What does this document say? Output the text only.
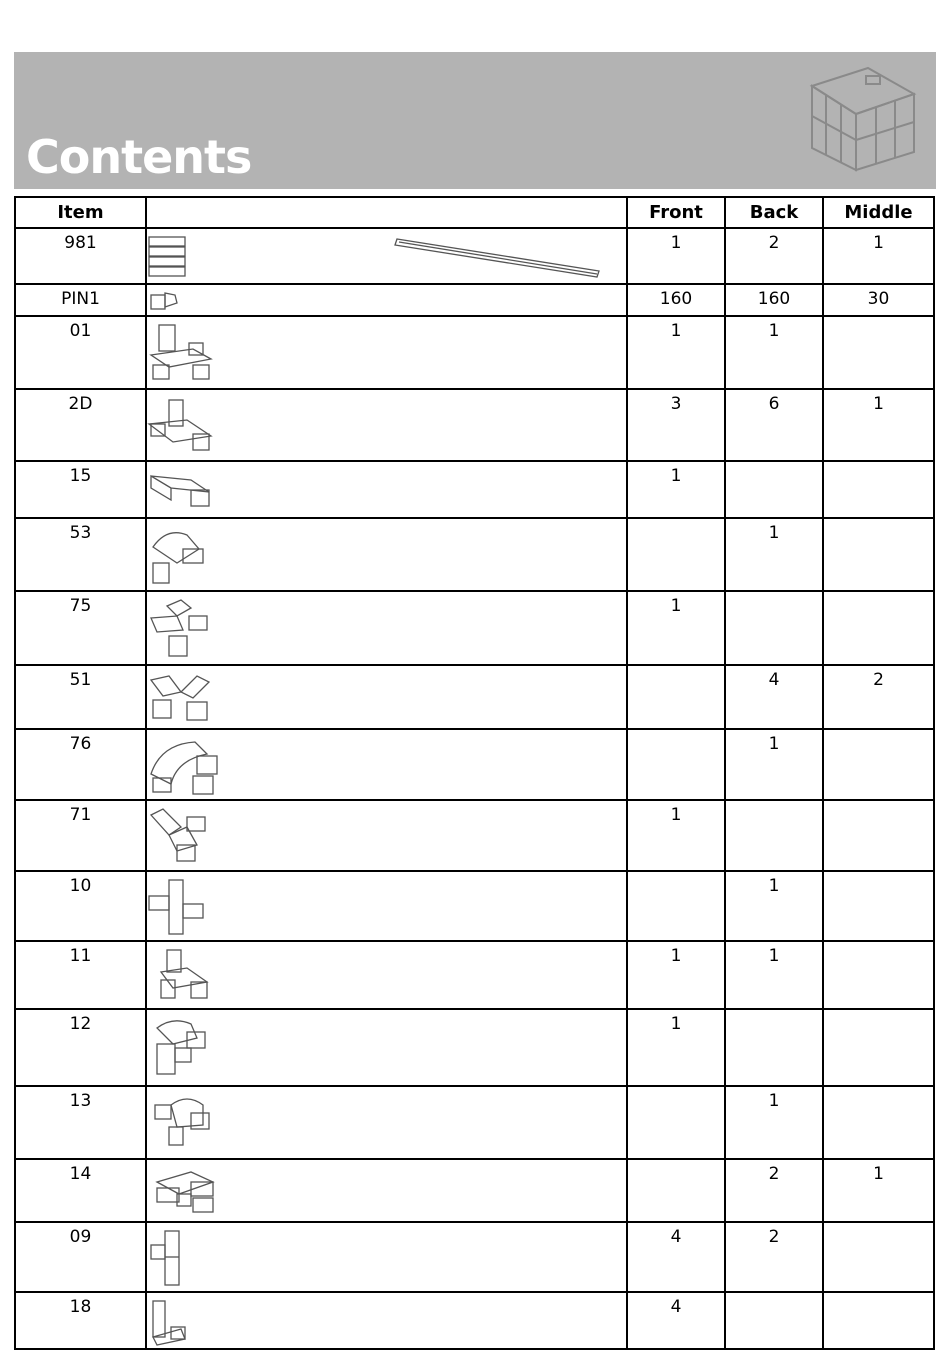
Contents
Item		Front	Back	Middle
981		1	2	1
PIN1		160	160	30
01		1	1	
2D		3	6	1
15		1		
53			1	
75		1		
51			4	2
76			1	
71		1		
10			1	
11		1	1	
12		1		
13			1	
14			2	1
09		4	2	
18		4		
